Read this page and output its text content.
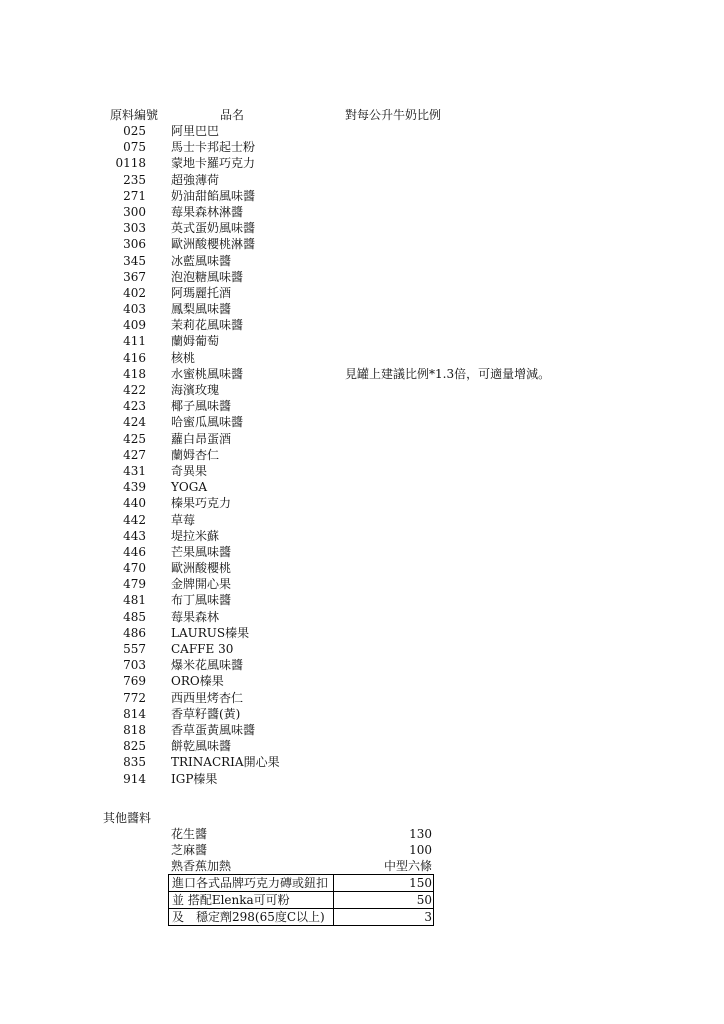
原料編號	品名	對每公升牛奶比例
025 阿里巴巴
075 馬士卡邦起士粉
0118 蒙地卡羅巧克力
235 超強薄荷
271 奶油甜餡風味醬
300 莓果森林淋醬
303 英式蛋奶風味醬
306 歐洲酸櫻桃淋醬
345 冰藍風味醬
367 泡泡糖風味醬
402 阿瑪麗托酒
403 鳳梨風味醬
409 茉莉花風味醬
411 蘭姆葡萄
416 核桃
418 水蜜桃風味醬	見罐上建議比例*1.3倍，可適量增減。
422 海濱玫瑰
423 椰子風味醬
424 哈蜜瓜風味醬
425 蘿白昂蛋酒
427 蘭姆杏仁
431 奇異果
439 YOGA
440 榛果巧克力
442 草莓
443 堤拉米蘇
446 芒果風味醬
470 歐洲酸櫻桃
479 金牌開心果
481 布丁風味醬
485 莓果森林
486 LAURUS榛果
557 CAFFE 30
703 爆米花風味醬
769 ORO榛果
772 西西里烤杏仁
814 香草籽醬(黃)
818 香草蛋黃風味醬
825 餅乾風味醬
835 TRINACRIA開心果
914 IGP榛果
其他醬料
花生醬	130
芝麻醬	100
熟香蕉加熱	中型六條
進口各式品牌巧克力磚或鈕扣	150
並 搭配Elenka可可粉	50
及　穩定劑298(65度C以上)	3
